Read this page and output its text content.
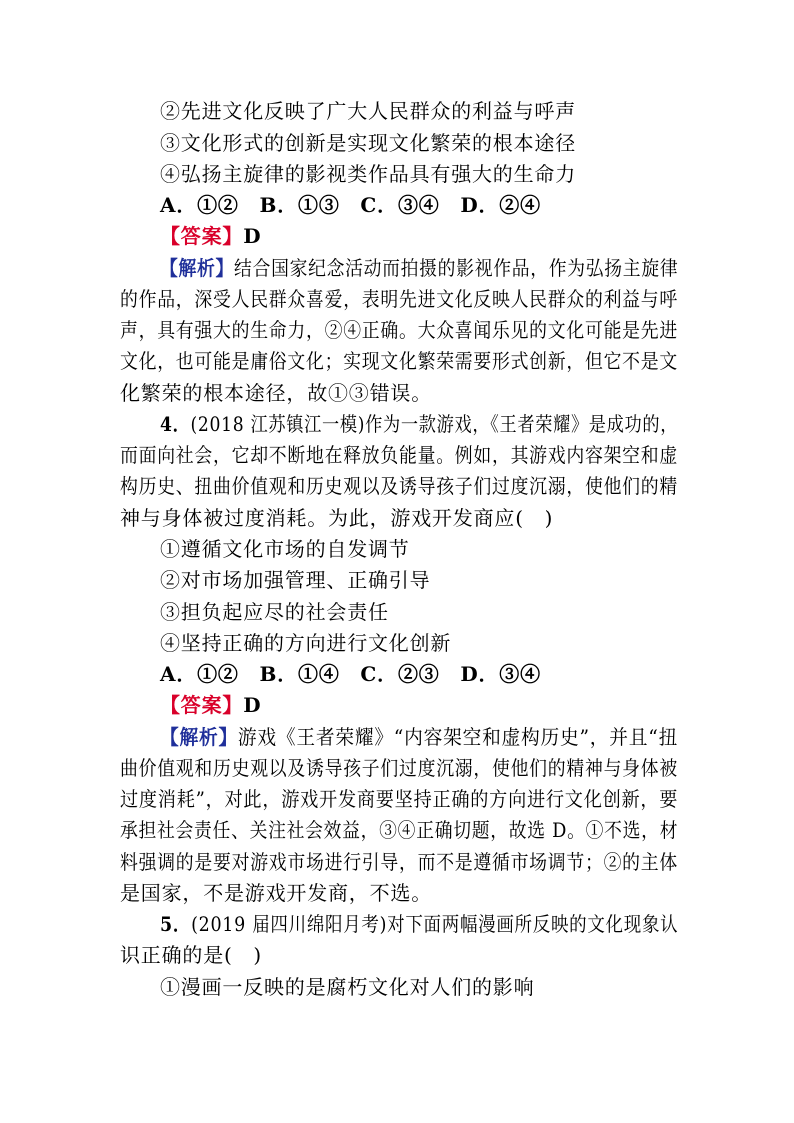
②先进文化反映了广大人民群众的利益与呼声
③文化形式的创新是实现文化繁荣的根本途径
④弘扬主旋律的影视类作品具有强大的生命力
A．①②　B．①③　C．③④　D．②④
【答案】D
【解析】结合国家纪念活动而拍摄的影视作品，作为弘扬主旋律
的作品，深受人民群众喜爱，表明先进文化反映人民群众的利益与呼
声，具有强大的生命力，②④正确。大众喜闻乐见的文化可能是先进
文化，也可能是庸俗文化；实现文化繁荣需要形式创新，但它不是文
化繁荣的根本途径，故①③错误。
4．(2018 江苏镇江一模)作为一款游戏，《王者荣耀》是成功的，
而面向社会，它却不断地在释放负能量。例如，其游戏内容架空和虚
构历史、扭曲价值观和历史观以及诱导孩子们过度沉溺，使他们的精
神与身体被过度消耗。为此，游戏开发商应(　)
①遵循文化市场的自发调节
②对市场加强管理、正确引导
③担负起应尽的社会责任
④坚持正确的方向进行文化创新
A．①②　B．①④　C．②③　D．③④
【答案】D
【解析】游戏《王者荣耀》“内容架空和虚构历史”，并且“扭
曲价值观和历史观以及诱导孩子们过度沉溺，使他们的精神与身体被
过度消耗”，对此，游戏开发商要坚持正确的方向进行文化创新，要
承担社会责任、关注社会效益，③④正确切题，故选 D。①不选，材
料强调的是要对游戏市场进行引导，而不是遵循市场调节；②的主体
是国家，不是游戏开发商，不选。
5．(2019 届四川绵阳月考)对下面两幅漫画所反映的文化现象认
识正确的是(　)
①漫画一反映的是腐朽文化对人们的影响
